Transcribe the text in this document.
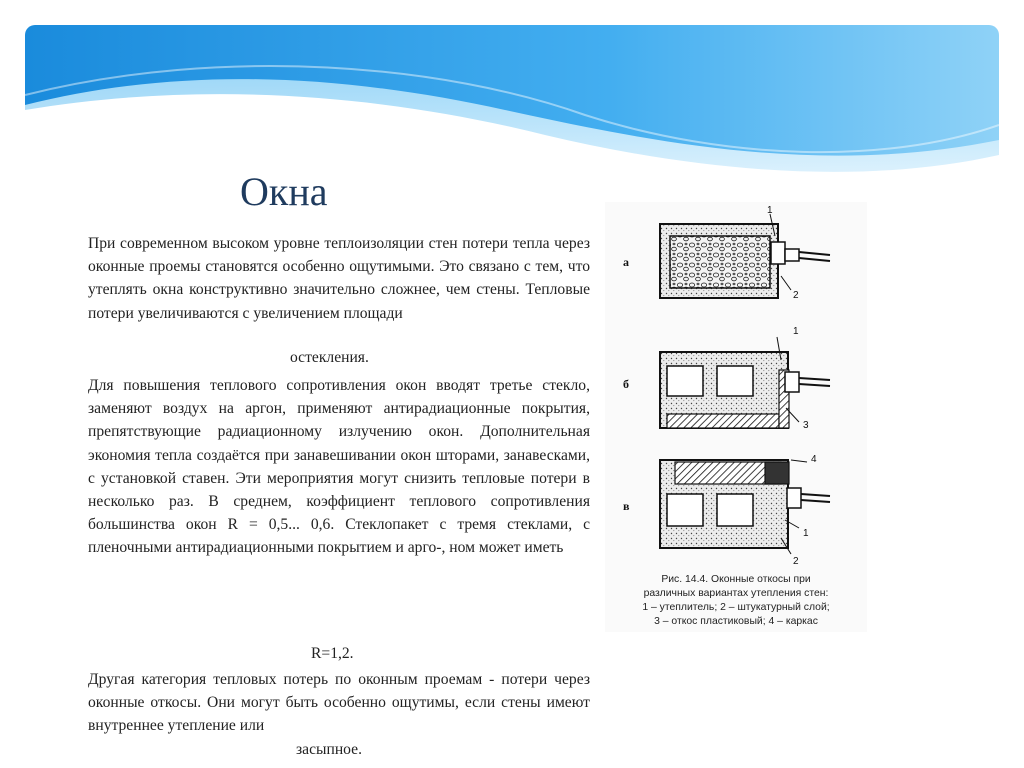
Окна

При современном высоком уровне теплоизоляции стен потери тепла через оконные проемы становятся особенно ощутимыми. Это связано с тем, что утеплять окна конструктивно значительно сложнее, чем стены. Тепловые потери увеличиваются с увеличением площади

остекления.

Для повышения теплового сопротивления окон вводят третье стекло, заменяют воздух на аргон, применяют антирадиационные покрытия, препятствующие радиационному излучению окон. Дополнительная экономия тепла создаётся при занавешивании окон шторами, занавесками, с установкой ставен. Эти мероприятия могут снизить тепловые потери в несколько раз. В среднем, коэффициент теплового сопротивления большинства окон R = 0,5... 0,6. Стеклопакет с тремя стеклами, с пленочными антирадиационными покрытием и арго-, ном может иметь

R=1,2.

Другая категория тепловых потерь по оконным проемам - потери через оконные откосы. Они могут быть особенно ощутимы, если стены имеют внутреннее утепление или

засыпное.
а
б
в
1
2
1
3
4
1
2

Рис. 14.4. Оконные откосы при

различных вариантах утепления стен:

1 – утеплитель; 2 – штукатурный слой;

3 – откос пластиковый; 4 – каркас
